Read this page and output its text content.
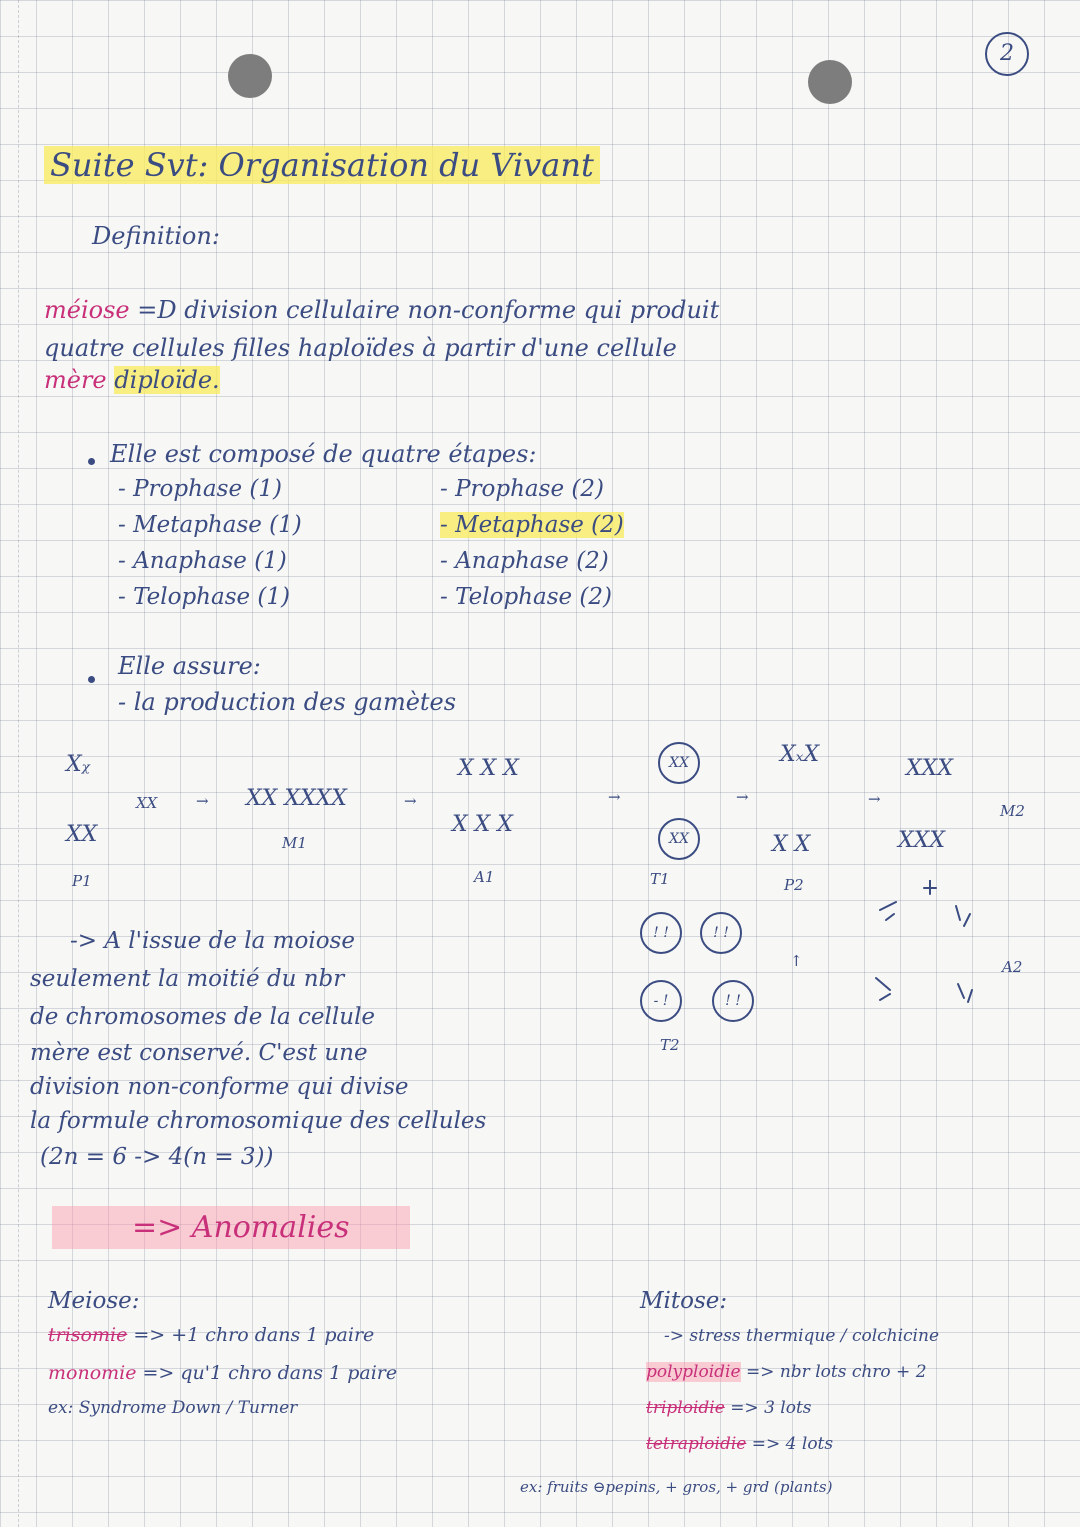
2
Suite Svt: Organisation du Vivant
Definition:
méiose =D division cellulaire non-conforme qui produit
quatre cellules filles haploïdes à partir d'une cellule
mère diploïde.
Elle est composé de quatre étapes:
- Prophase (1)
- Metaphase (1)
- Anaphase (1)
- Telophase (1)
- Prophase (2)
- Metaphase (2)
- Anaphase (2)
- Telophase (2)
Elle assure:
- la production des gamètes
Xᵪ
XX
P1
XX	→ XX XXXX
M1
→
X X X
X X X
A1
→
XX
XX
T1
→
XₓX
X X
P2
→
XXX
XXX
M2
A2
↑
! !	! !
- !	! !
T2
-> A l'issue de la moiose
seulement la moitié du nbr
de chromosomes de la cellule
mère est conservé. C'est une
division non-conforme qui divise
la formule chromosomique des cellules
(2n = 6 -> 4(n = 3))
=> Anomalies
Meiose:
trisomie => +1 chro dans 1 paire
monomie => qu'1 chro dans 1 paire
ex: Syndrome Down / Turner
Mitose:
-> stress thermique / colchicine
polyploidie => nbr lots chro + 2
triploidie => 3 lots
tetraploidie => 4 lots
ex: fruits ⊖pepins, + gros, + grd (plants)
